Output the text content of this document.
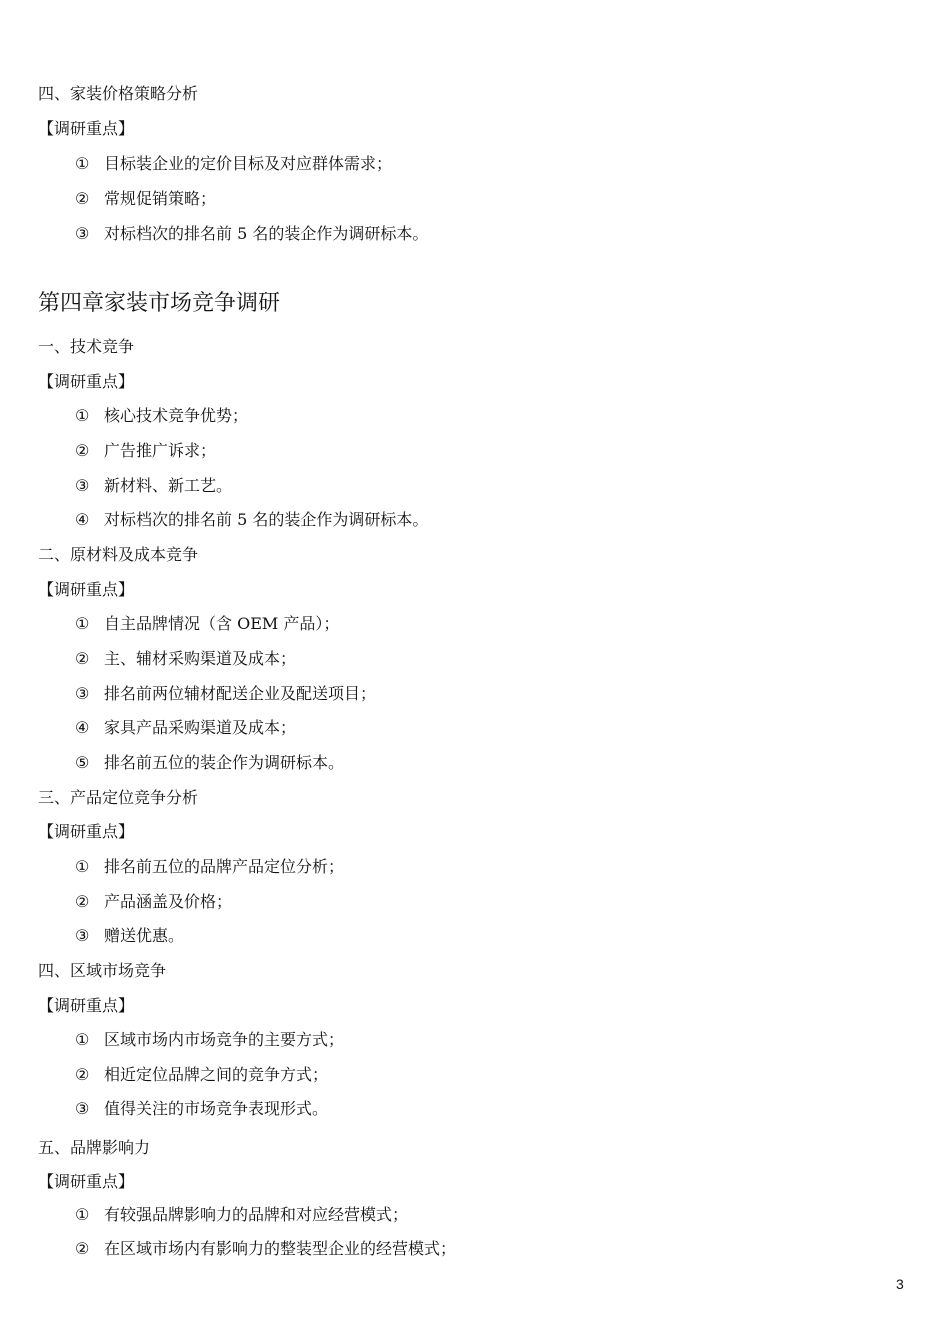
四、家装价格策略分析
【调研重点】
① 目标装企业的定价目标及对应群体需求；
② 常规促销策略；
③ 对标档次的排名前 5 名的装企作为调研标本。
第四章家装市场竞争调研
一、技术竞争
【调研重点】
① 核心技术竞争优势；
② 广告推广诉求；
③ 新材料、新工艺。
④ 对标档次的排名前 5 名的装企作为调研标本。
二、原材料及成本竞争
【调研重点】
① 自主品牌情况（含 OEM 产品）；
② 主、辅材采购渠道及成本；
③ 排名前两位辅材配送企业及配送项目；
④ 家具产品采购渠道及成本；
⑤ 排名前五位的装企作为调研标本。
三、产品定位竞争分析
【调研重点】
① 排名前五位的品牌产品定位分析；
② 产品涵盖及价格；
③ 赠送优惠。
四、区域市场竞争
【调研重点】
① 区域市场内市场竞争的主要方式；
② 相近定位品牌之间的竞争方式；
③ 值得关注的市场竞争表现形式。
五、品牌影响力
【调研重点】
① 有较强品牌影响力的品牌和对应经营模式；
② 在区域市场内有影响力的整装型企业的经营模式；
3
